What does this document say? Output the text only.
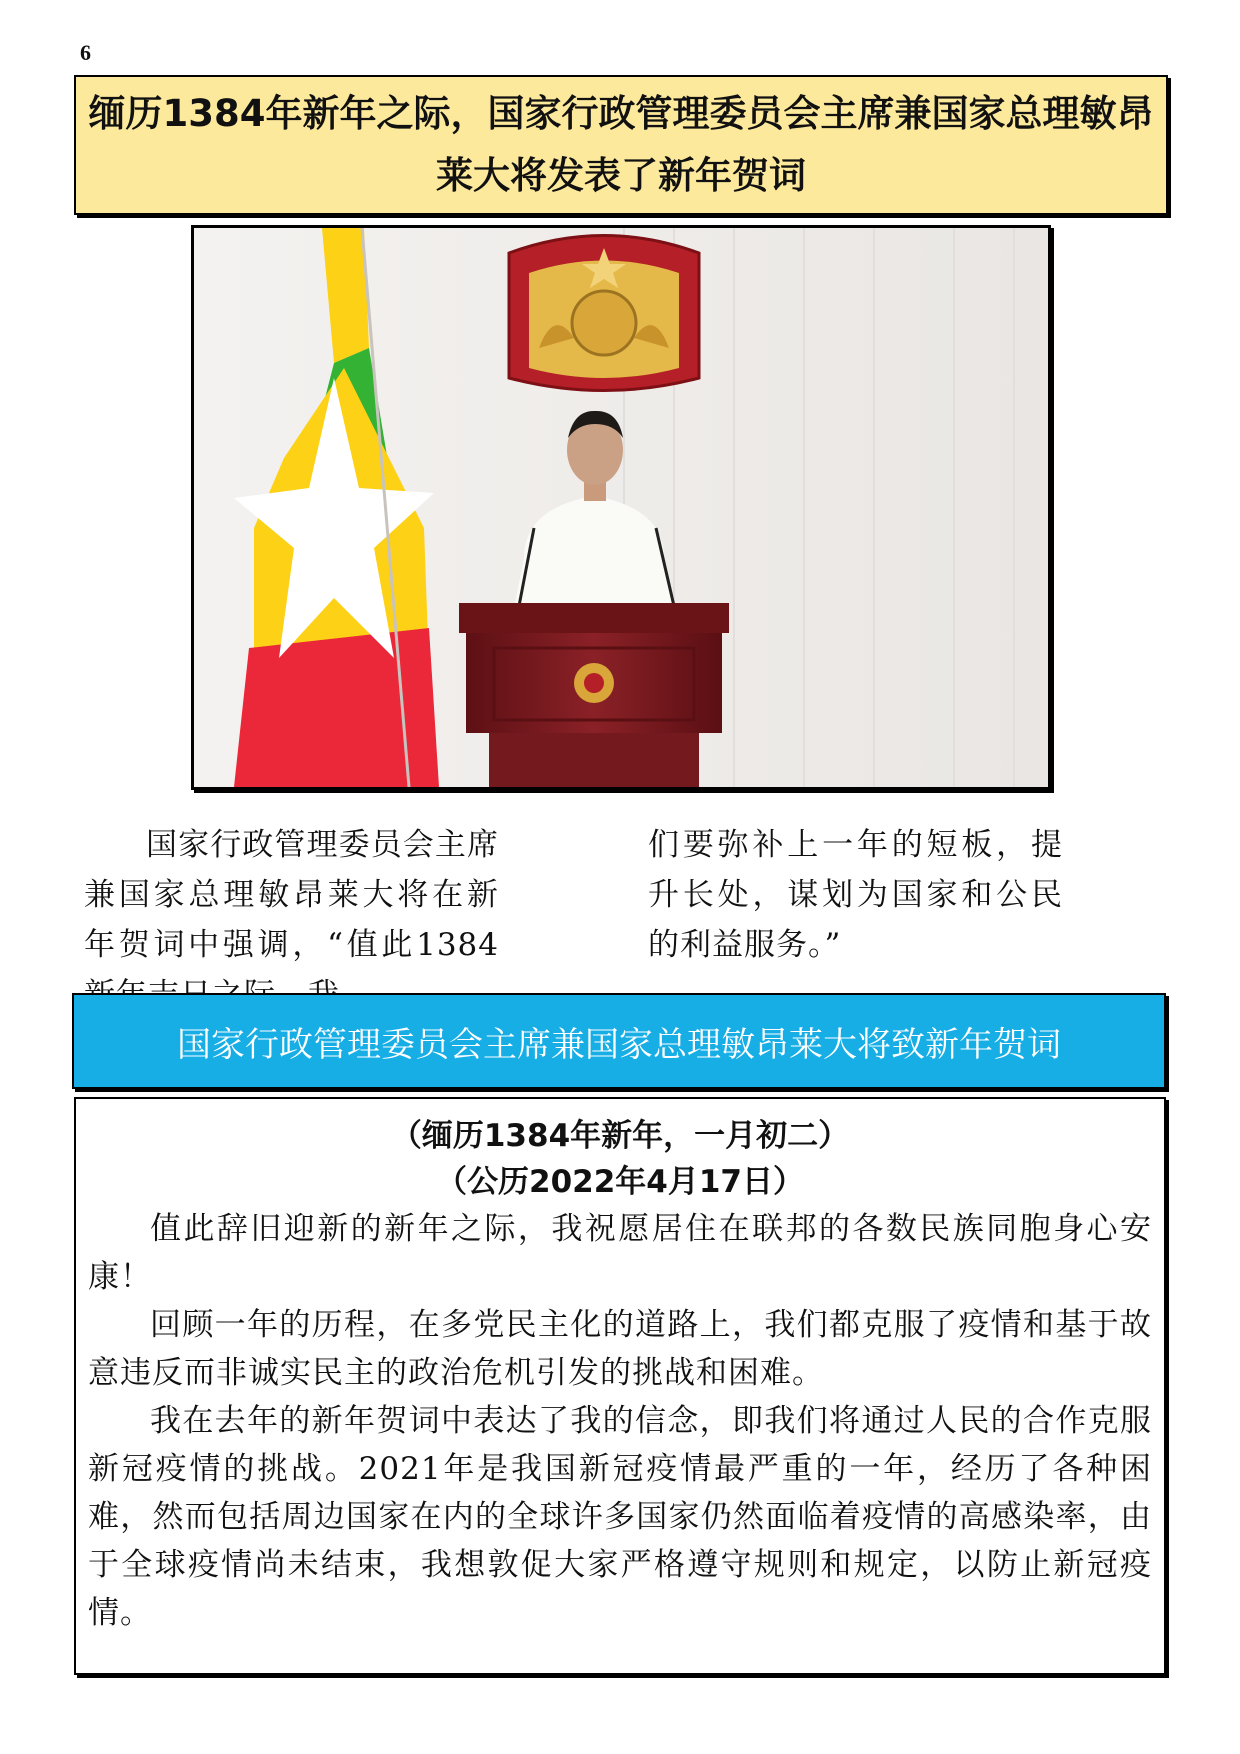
6
缅历1384年新年之际，国家行政管理委员会主席兼国家总理敏昂
莱大将发表了新年贺词
国家行政管理委员会主席兼国家总理敏昂莱大将在新年贺词中强调，“值此1384
们要弥补上一年的短板，提升长处，谋划为国家和公民的利益服务。”
国家行政管理委员会主席兼国家总理敏昂莱大将致新年贺词
（缅历1384年新年，一月初二）
（公历2022年4月17日）

值此辞旧迎新的新年之际，我祝愿居住在联邦的各数民族同胞身心安康！

回顾一年的历程，在多党民主化的道路上，我们都克服了疫情和基于故意违反而非诚实民主的政治危机引发的挑战和困难。

我在去年的新年贺词中表达了我的信念，即我们将通过人民的合作克服新冠疫情的挑战。2021年是我国新冠疫情最严重的一年，经历了各种困难，然而包括周边国家在内的全球许多国家仍然面临着疫情的高感染率，由于全球疫情尚未结束，我想敦促大家严格遵守规则和规定，以防止新冠疫情。
